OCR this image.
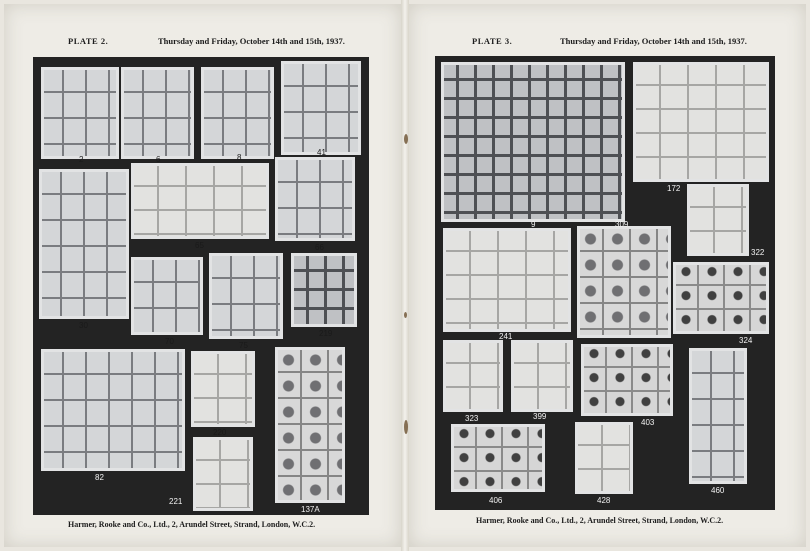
PLATE 2.	Thursday and Friday, October 14th and 15th, 1937.
2	6	8
41
30
65	66
70	75
219
82
220
221
137A
Harmer, Rooke and Co., Ltd., 2, Arundel Street, Strand, London, W.C.2.
PLATE 3.	Thursday and Friday, October 14th and 15th, 1937.
9	309
172
322
241	324
323	399
403
460
406	428
Harmer, Rooke and Co., Ltd., 2, Arundel Street, Strand, London, W.C.2.
